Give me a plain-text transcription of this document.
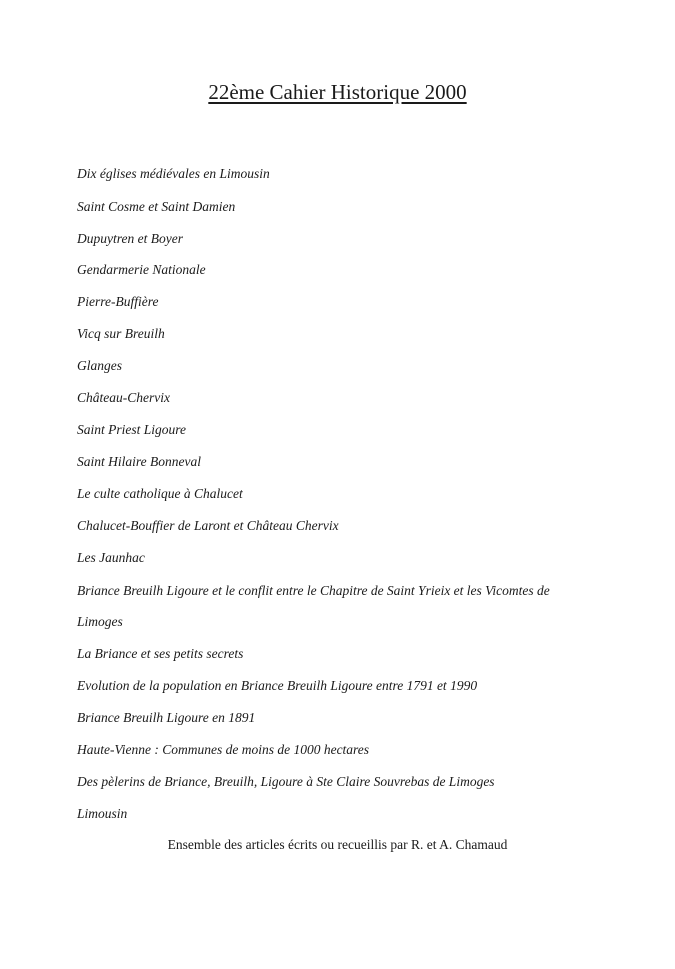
22ème Cahier Historique 2000
Dix églises médiévales en Limousin
Saint Cosme et Saint Damien
Dupuytren et Boyer
Gendarmerie Nationale
Pierre-Buffière
Vicq sur Breuilh
Glanges
Château-Chervix
Saint Priest Ligoure
Saint Hilaire Bonneval
Le culte catholique à Chalucet
Chalucet-Bouffier de Laront et Château Chervix
Les Jaunhac
Briance Breuilh Ligoure et le conflit entre le Chapitre de Saint Yrieix et les Vicomtes de
Limoges
La Briance et ses petits secrets
Evolution de la population en Briance Breuilh Ligoure entre 1791 et 1990
Briance Breuilh Ligoure en 1891
Haute-Vienne : Communes de moins de 1000 hectares
Des pèlerins de Briance, Breuilh, Ligoure à Ste Claire Souvrebas de Limoges
Limousin

Ensemble des articles écrits ou recueillis par R. et A. Chamaud
